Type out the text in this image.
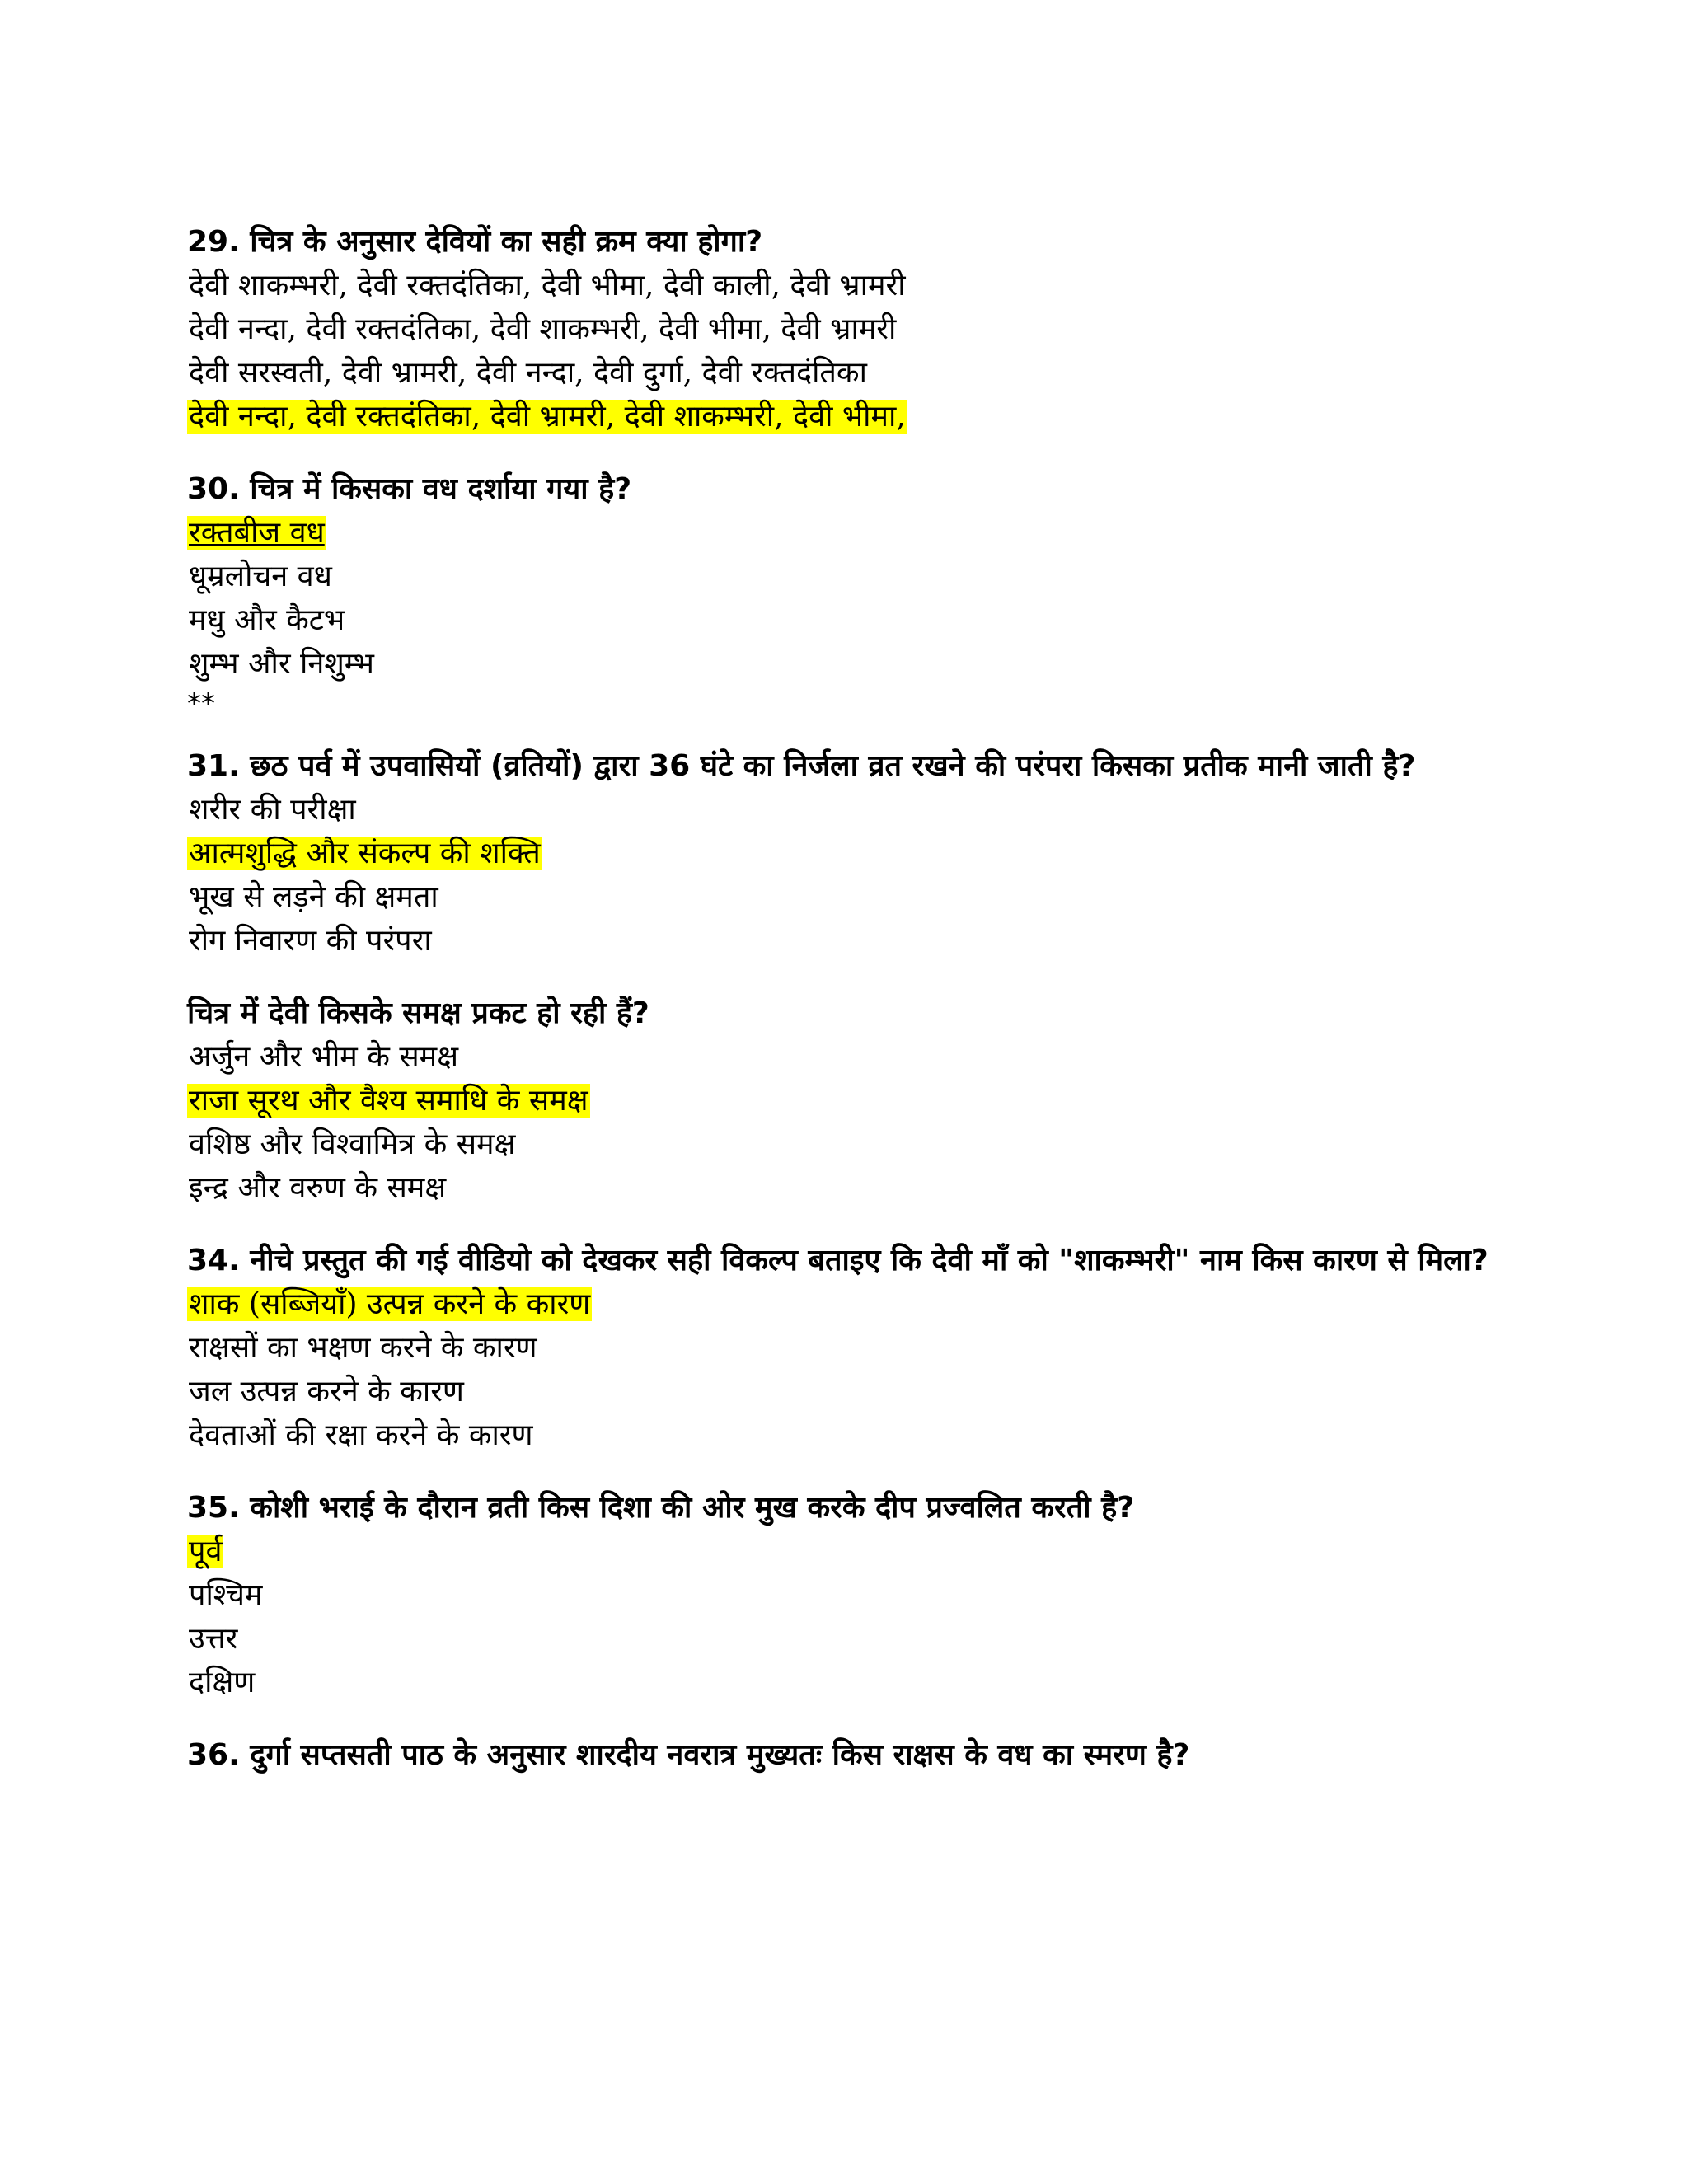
29. चित्र के अनुसार देवियों का सही क्रम क्या होगा?

देवी शाकम्भरी, देवी रक्तदंतिका, देवी भीमा, देवी काली, देवी भ्रामरी

देवी नन्दा, देवी रक्तदंतिका, देवी शाकम्भरी, देवी भीमा, देवी भ्रामरी

देवी सरस्वती, देवी भ्रामरी, देवी नन्दा, देवी दुर्गा, देवी रक्तदंतिका

देवी नन्दा, देवी रक्तदंतिका, देवी भ्रामरी, देवी शाकम्भरी, देवी भीमा,

30. चित्र में किसका वध दर्शाया गया है?

रक्तबीज वध

धूम्रलोचन वध

मधु और कैटभ

शुम्भ और निशुम्भ

**

31. छठ पर्व में उपवासियों (व्रतियों) द्वारा 36 घंटे का निर्जला व्रत रखने की परंपरा किसका प्रतीक मानी जाती है?

शरीर की परीक्षा

आत्मशुद्धि और संकल्प की शक्ति

भूख से लड़ने की क्षमता

रोग निवारण की परंपरा

चित्र में देवी किसके समक्ष प्रकट हो रही हैं?

अर्जुन और भीम के समक्ष

राजा सूरथ और वैश्य समाधि के समक्ष

वशिष्ठ और विश्वामित्र के समक्ष

इन्द्र और वरुण के समक्ष

34. नीचे प्रस्तुत की गई वीडियो को देखकर सही विकल्प बताइए कि देवी माँ को "शाकम्भरी" नाम किस कारण से मिला?

शाक (सब्जियाँ) उत्पन्न करने के कारण

राक्षसों का भक्षण करने के कारण

जल उत्पन्न करने के कारण

देवताओं की रक्षा करने के कारण

35. कोशी भराई के दौरान व्रती किस दिशा की ओर मुख करके दीप प्रज्वलित करती है?

पूर्व

पश्चिम

उत्तर

दक्षिण

36. दुर्गा सप्तसती पाठ के अनुसार शारदीय नवरात्र मुख्यतः किस राक्षस के वध का स्मरण है?
